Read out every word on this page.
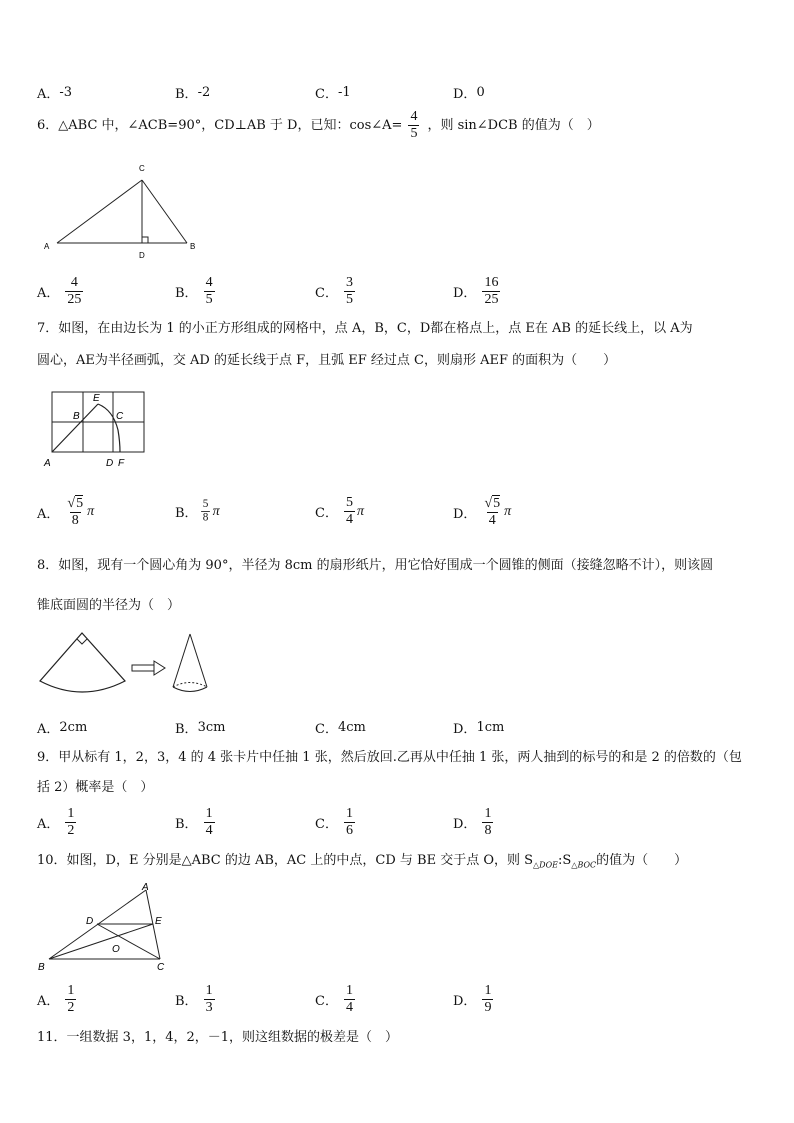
A． -3	B． -2	C． -1	D． 0
6．△ABC 中，∠ACB=90°，CD⊥AB 于 D，已知：cos∠A= $\frac{4}{5}$ ，则 sin∠DCB 的值为（　）
A
C
D
B
A． $\frac{4}{25}$	B． $\frac{4}{5}$	C． $\frac{3}{5}$	D． $\frac{16}{25}$
7．如图，在由边长为 1 的小正方形组成的网格中，点 A，B，C，D都在格点上，点 E在 AB 的延长线上，以 A为
圆心，AE为半径画弧，交 AD 的延长线于点 F，且弧 EF 经过点 C，则扇形 AEF 的面积为（　　）
A
B
E
C
D F
A． $\frac{√5}{8}$ π	B． $\frac{5}{8}$ π	C． $\frac{5}{4}$ π	D． $\frac{√5}{4}$ π
8．如图，现有一个圆心角为 90°，半径为 8cm 的扇形纸片，用它恰好围成一个圆锥的侧面（接缝忽略不计），则该圆
锥底面圆的半径为（　）
A． 2cm	B． 3cm	C． 4cm	D． 1cm
9．甲从标有 1，2，3，4 的 4 张卡片中任抽 1 张，然后放回.乙再从中任抽 1 张，两人抽到的标号的和是 2 的倍数的（包
括 2）概率是（　）
A． $\frac{1}{2}$	B． $\frac{1}{4}$	C． $\frac{1}{6}$	D． $\frac{1}{8}$
10．如图，D，E 分别是△ABC 的边 AB，AC 上的中点，CD 与 BE 交于点 O，则 $S_{\triangle DOE}:S_{\triangle BOC}$的值为（　　）
A
D	E
O
B	C
A． $\frac{1}{2}$	B． $\frac{1}{3}$	C． $\frac{1}{4}$	D． $\frac{1}{9}$
11．一组数据 3，1，4，2，－1，则这组数据的极差是（　）
